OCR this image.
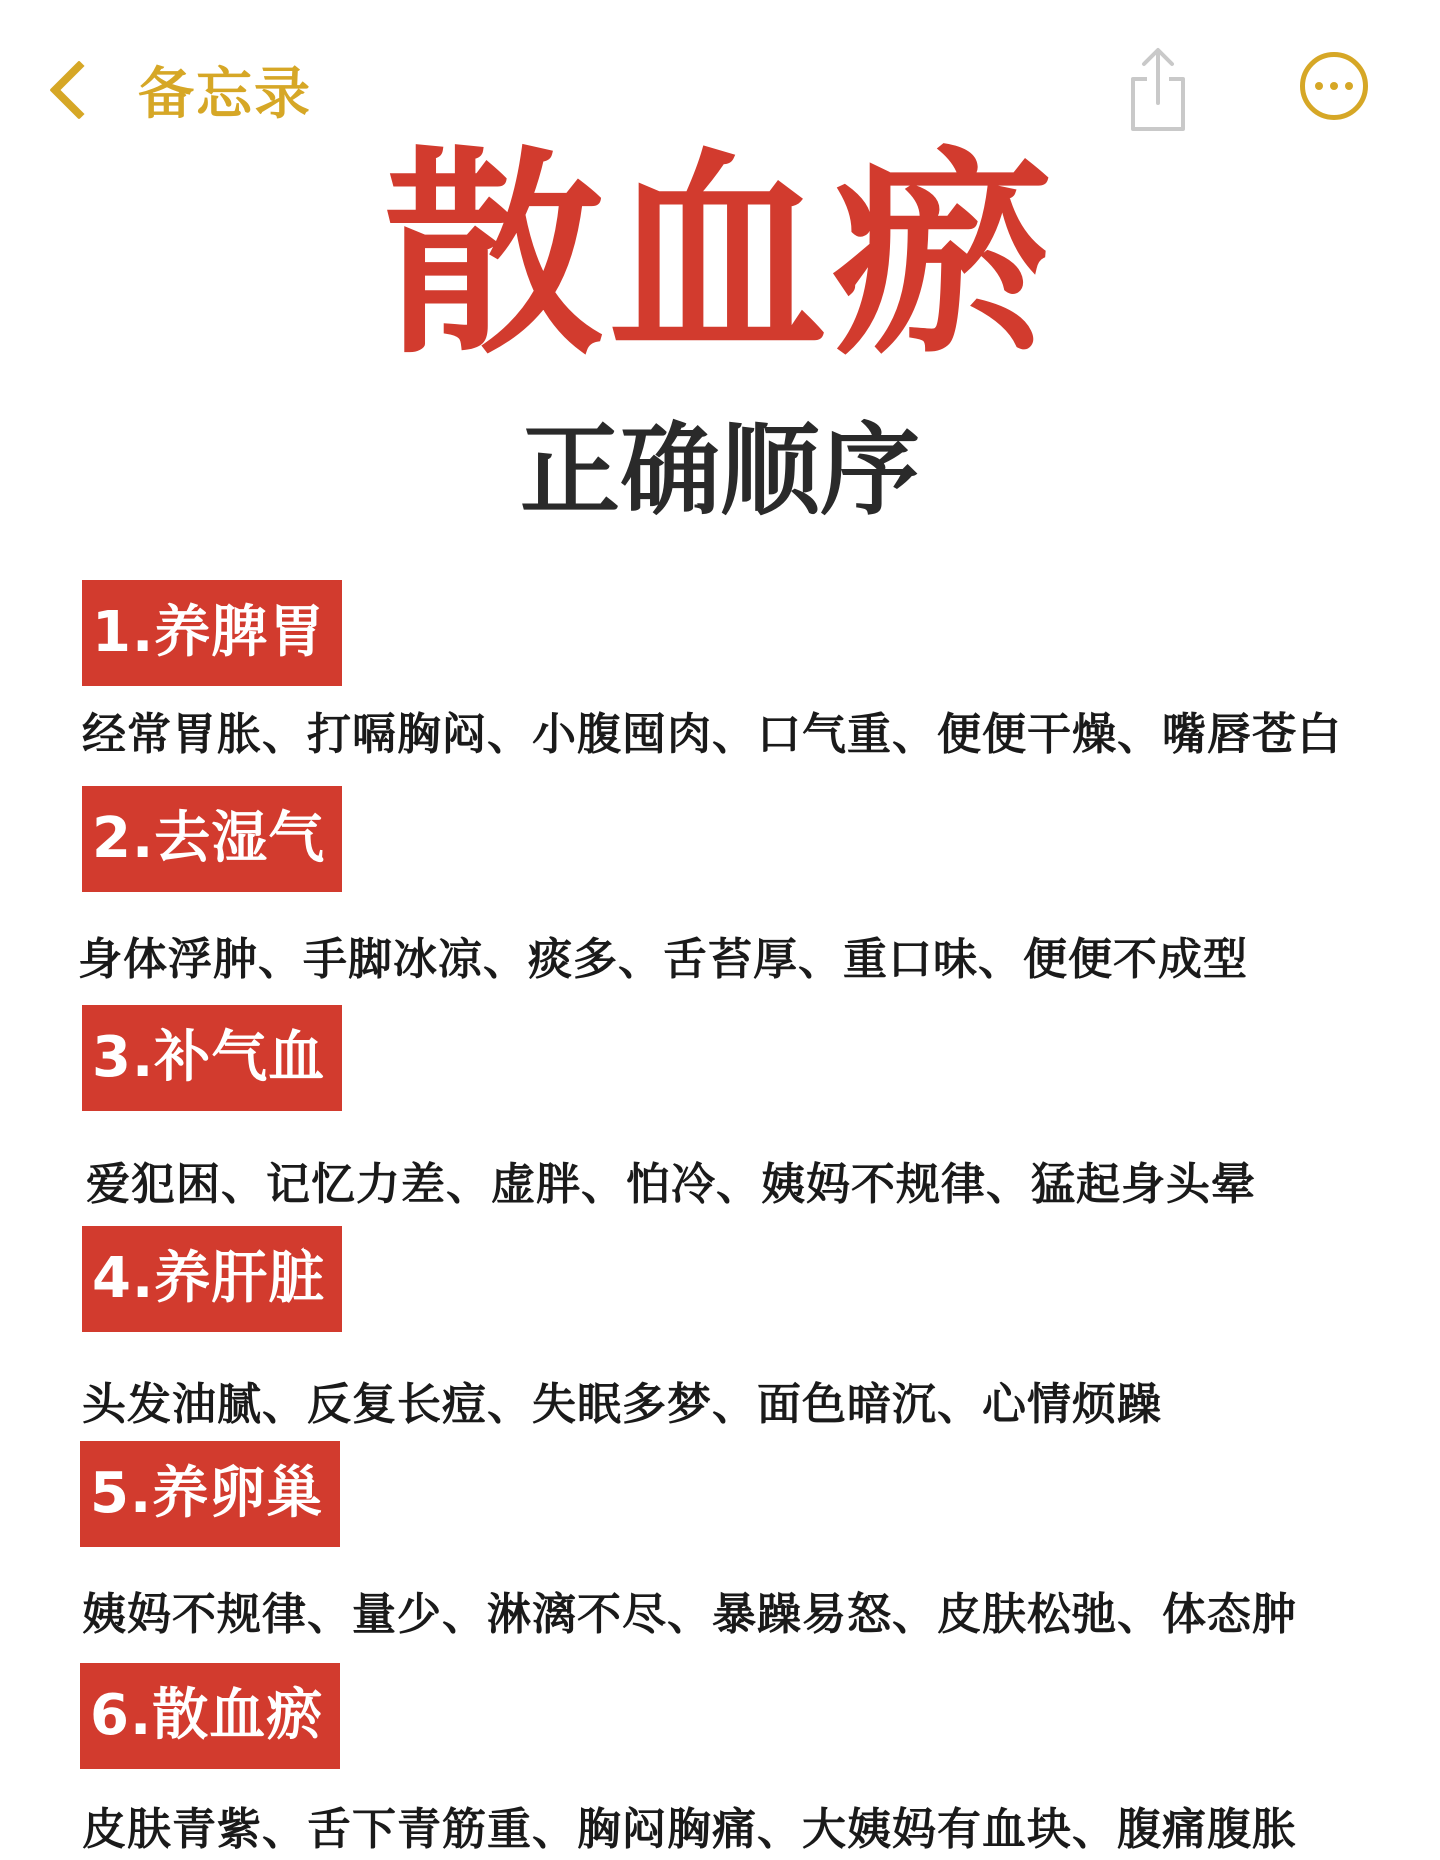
备忘录
散血瘀
正确顺序
1.养脾胃
经常胃胀、打嗝胸闷、小腹囤肉、口气重、便便干燥、嘴唇苍白
2.去湿气
身体浮肿、手脚冰凉、痰多、舌苔厚、重口味、便便不成型
3.补气血
爱犯困、记忆力差、虚胖、怕冷、姨妈不规律、猛起身头晕
4.养肝脏
头发油腻、反复长痘、失眠多梦、面色暗沉、心情烦躁
5.养卵巢
姨妈不规律、量少、淋漓不尽、暴躁易怒、皮肤松弛、体态肿
6.散血瘀
皮肤青紫、舌下青筋重、胸闷胸痛、大姨妈有血块、腹痛腹胀
